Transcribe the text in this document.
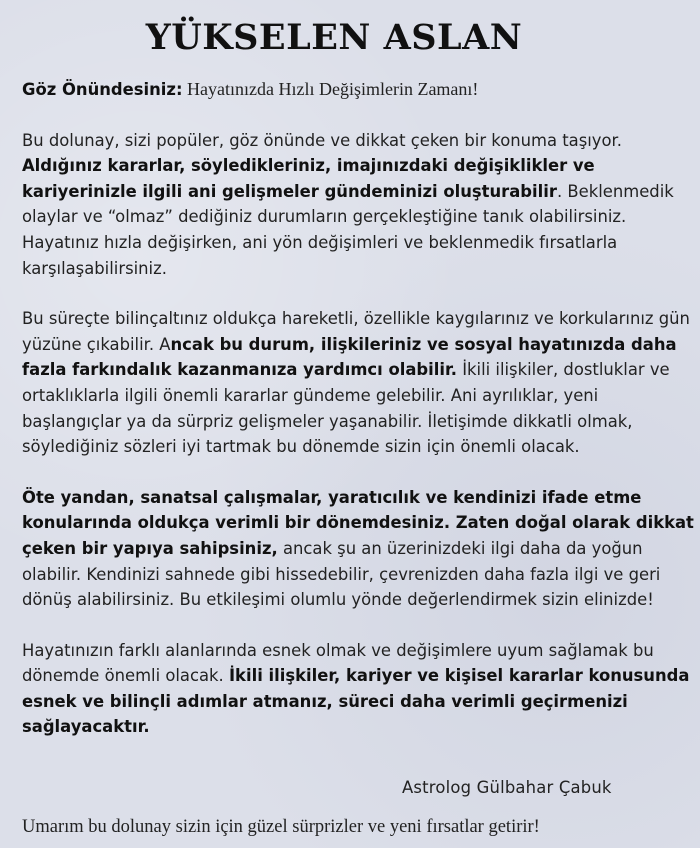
YÜKSELEN ASLAN

Göz Önündesiniz: Hayatınızda Hızlı Değişimlerin Zamanı!

Bu dolunay, sizi popüler, göz önünde ve dikkat çeken bir konuma taşıyor. Aldığınız kararlar, söyledikleriniz, imajınızdaki değişiklikler ve kariyerinizle ilgili ani gelişmeler gündeminizi oluşturabilir. Beklenmedik olaylar ve “olmaz” dediğiniz durumların gerçekleştiğine tanık olabilirsiniz. Hayatınız hızla değişirken, ani yön değişimleri ve beklenmedik fırsatlarla karşılaşabilirsiniz.

Bu süreçte bilinçaltınız oldukça hareketli, özellikle kaygılarınız ve korkularınız gün yüzüne çıkabilir. Ancak bu durum, ilişkileriniz ve sosyal hayatınızda daha fazla farkındalık kazanmanıza yardımcı olabilir. İkili ilişkiler, dostluklar ve ortaklıklarla ilgili önemli kararlar gündeme gelebilir. Ani ayrılıklar, yeni başlangıçlar ya da sürpriz gelişmeler yaşanabilir. İletişimde dikkatli olmak, söylediğiniz sözleri iyi tartmak bu dönemde sizin için önemli olacak.

Öte yandan, sanatsal çalışmalar, yaratıcılık ve kendinizi ifade etme konularında oldukça verimli bir dönemdesiniz. Zaten doğal olarak dikkat çeken bir yapıya sahipsiniz, ancak şu an üzerinizdeki ilgi daha da yoğun olabilir. Kendinizi sahnede gibi hissedebilir, çevrenizden daha fazla ilgi ve geri dönüş alabilirsiniz. Bu etkileşimi olumlu yönde değerlendirmek sizin elinizde!

Hayatınızın farklı alanlarında esnek olmak ve değişimlere uyum sağlamak bu dönemde önemli olacak. İkili ilişkiler, kariyer ve kişisel kararlar konusunda esnek ve bilinçli adımlar atmanız, süreci daha verimli geçirmenizi sağlayacaktır.

Astrolog Gülbahar Çabuk
Umarım bu dolunay sizin için güzel sürprizler ve yeni fırsatlar getirir!
